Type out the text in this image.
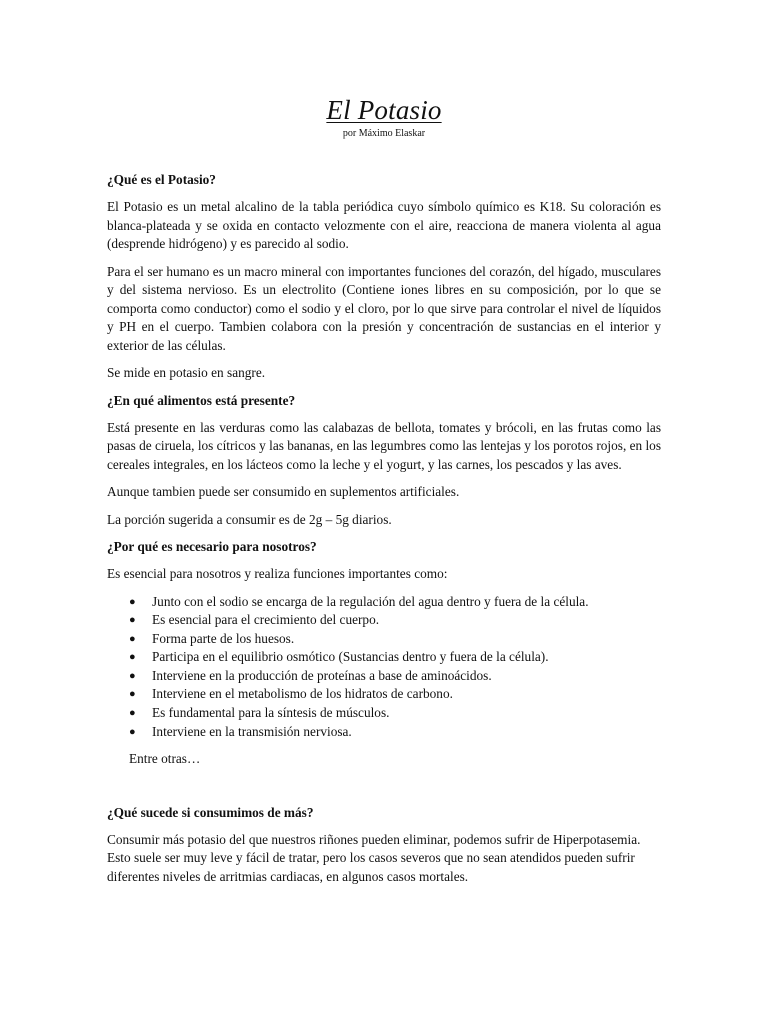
El Potasio
por Máximo Elaskar
¿Qué es el Potasio?

El Potasio es un metal alcalino de la tabla periódica cuyo símbolo químico es K18. Su coloración es blanca-plateada y se oxida en contacto velozmente con el aire, reacciona de manera violenta al agua (desprende hidrógeno) y es parecido al sodio.

Para el ser humano es un macro mineral con importantes funciones del corazón, del hígado, musculares y del sistema nervioso. Es un electrolito (Contiene iones libres en su composición, por lo que se comporta como conductor) como el sodio y el cloro, por lo que sirve para controlar el nivel de líquidos y PH en el cuerpo. Tambien colabora con la presión y concentración de sustancias en el interior y exterior de las células.

Se mide en potasio en sangre.

¿En qué alimentos está presente?

Está presente en las verduras como las calabazas de bellota, tomates y brócoli, en las frutas como las pasas de ciruela, los cítricos y las bananas, en las legumbres como las lentejas y los porotos rojos, en los cereales integrales, en los lácteos como la leche y el yogurt, y las carnes, los pescados y las aves.

Aunque tambien puede ser consumido en suplementos artificiales.

La porción sugerida a consumir es de 2g – 5g diarios.

¿Por qué es necesario para nosotros?

Es esencial para nosotros y realiza funciones importantes como:

● Junto con el sodio se encarga de la regulación del agua dentro y fuera de la célula.
● Es esencial para el crecimiento del cuerpo.
● Forma parte de los huesos.
● Participa en el equilibrio osmótico (Sustancias dentro y fuera de la célula).
● Interviene en la producción de proteínas a base de aminoácidos.
● Interviene en el metabolismo de los hidratos de carbono.
● Es fundamental para la síntesis de músculos.
● Interviene en la transmisión nerviosa.

Entre otras…

¿Qué sucede si consumimos de más?

Consumir más potasio del que nuestros riñones pueden eliminar, podemos sufrir de Hiperpotasemia. Esto suele ser muy leve y fácil de tratar, pero los casos severos que no sean atendidos pueden sufrir diferentes niveles de arritmias cardiacas, en algunos casos mortales.
